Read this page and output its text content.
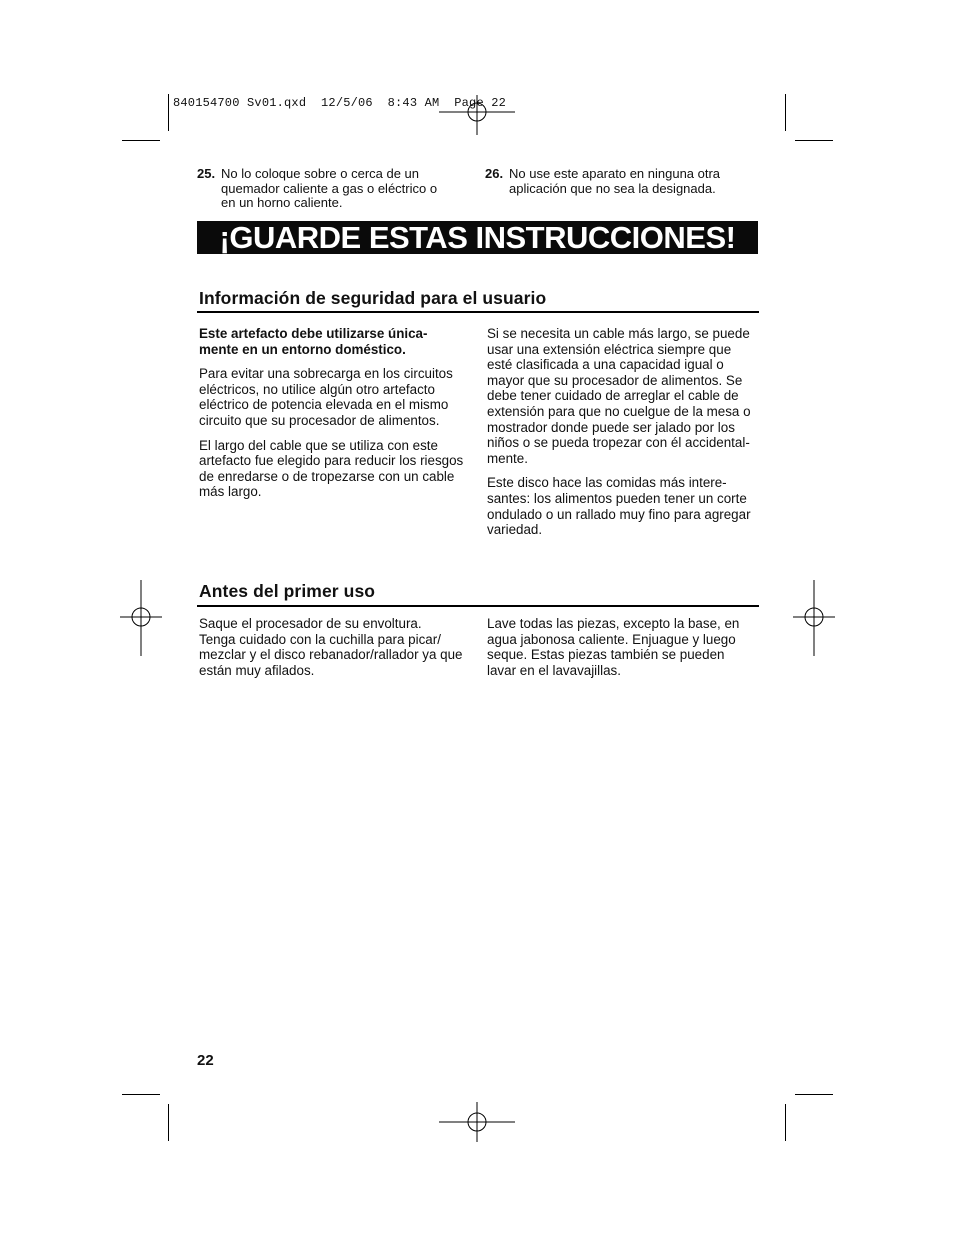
840154700 Sv01.qxd  12/5/06  8:43 AM  Page 22
25. No lo coloque sobre o cerca de un
quemador caliente a gas o eléctrico o
en un horno caliente.
26. No use este aparato en ninguna otra
aplicación que no sea la designada.
¡GUARDE ESTAS INSTRUCCIONES!
Información de seguridad para el usuario

Este artefacto debe utilizarse única-
mente en un entorno doméstico.

Para evitar una sobrecarga en los circuitos
eléctricos, no utilice algún otro artefacto
eléctrico de potencia elevada en el mismo
circuito que su procesador de alimentos.

El largo del cable que se utiliza con este
artefacto fue elegido para reducir los riesgos
de enredarse o de tropezarse con un cable
más largo.

Si se necesita un cable más largo, se puede
usar una extensión eléctrica siempre que
esté clasificada a una capacidad igual o
mayor que su procesador de alimentos. Se
debe tener cuidado de arreglar el cable de
extensión para que no cuelgue de la mesa o
mostrador donde puede ser jalado por los
niños o se pueda tropezar con él accidental-
mente.

Este disco hace las comidas más intere-
santes: los alimentos pueden tener un corte
ondulado o un rallado muy fino para agregar
variedad.

Antes del primer uso

Saque el procesador de su envoltura.
Tenga cuidado con la cuchilla para picar/
mezclar y el disco rebanador/rallador ya que
están muy afilados.

Lave todas las piezas, excepto la base, en
agua jabonosa caliente. Enjuague y luego
seque. Estas piezas también se pueden
lavar en el lavavajillas.

22
